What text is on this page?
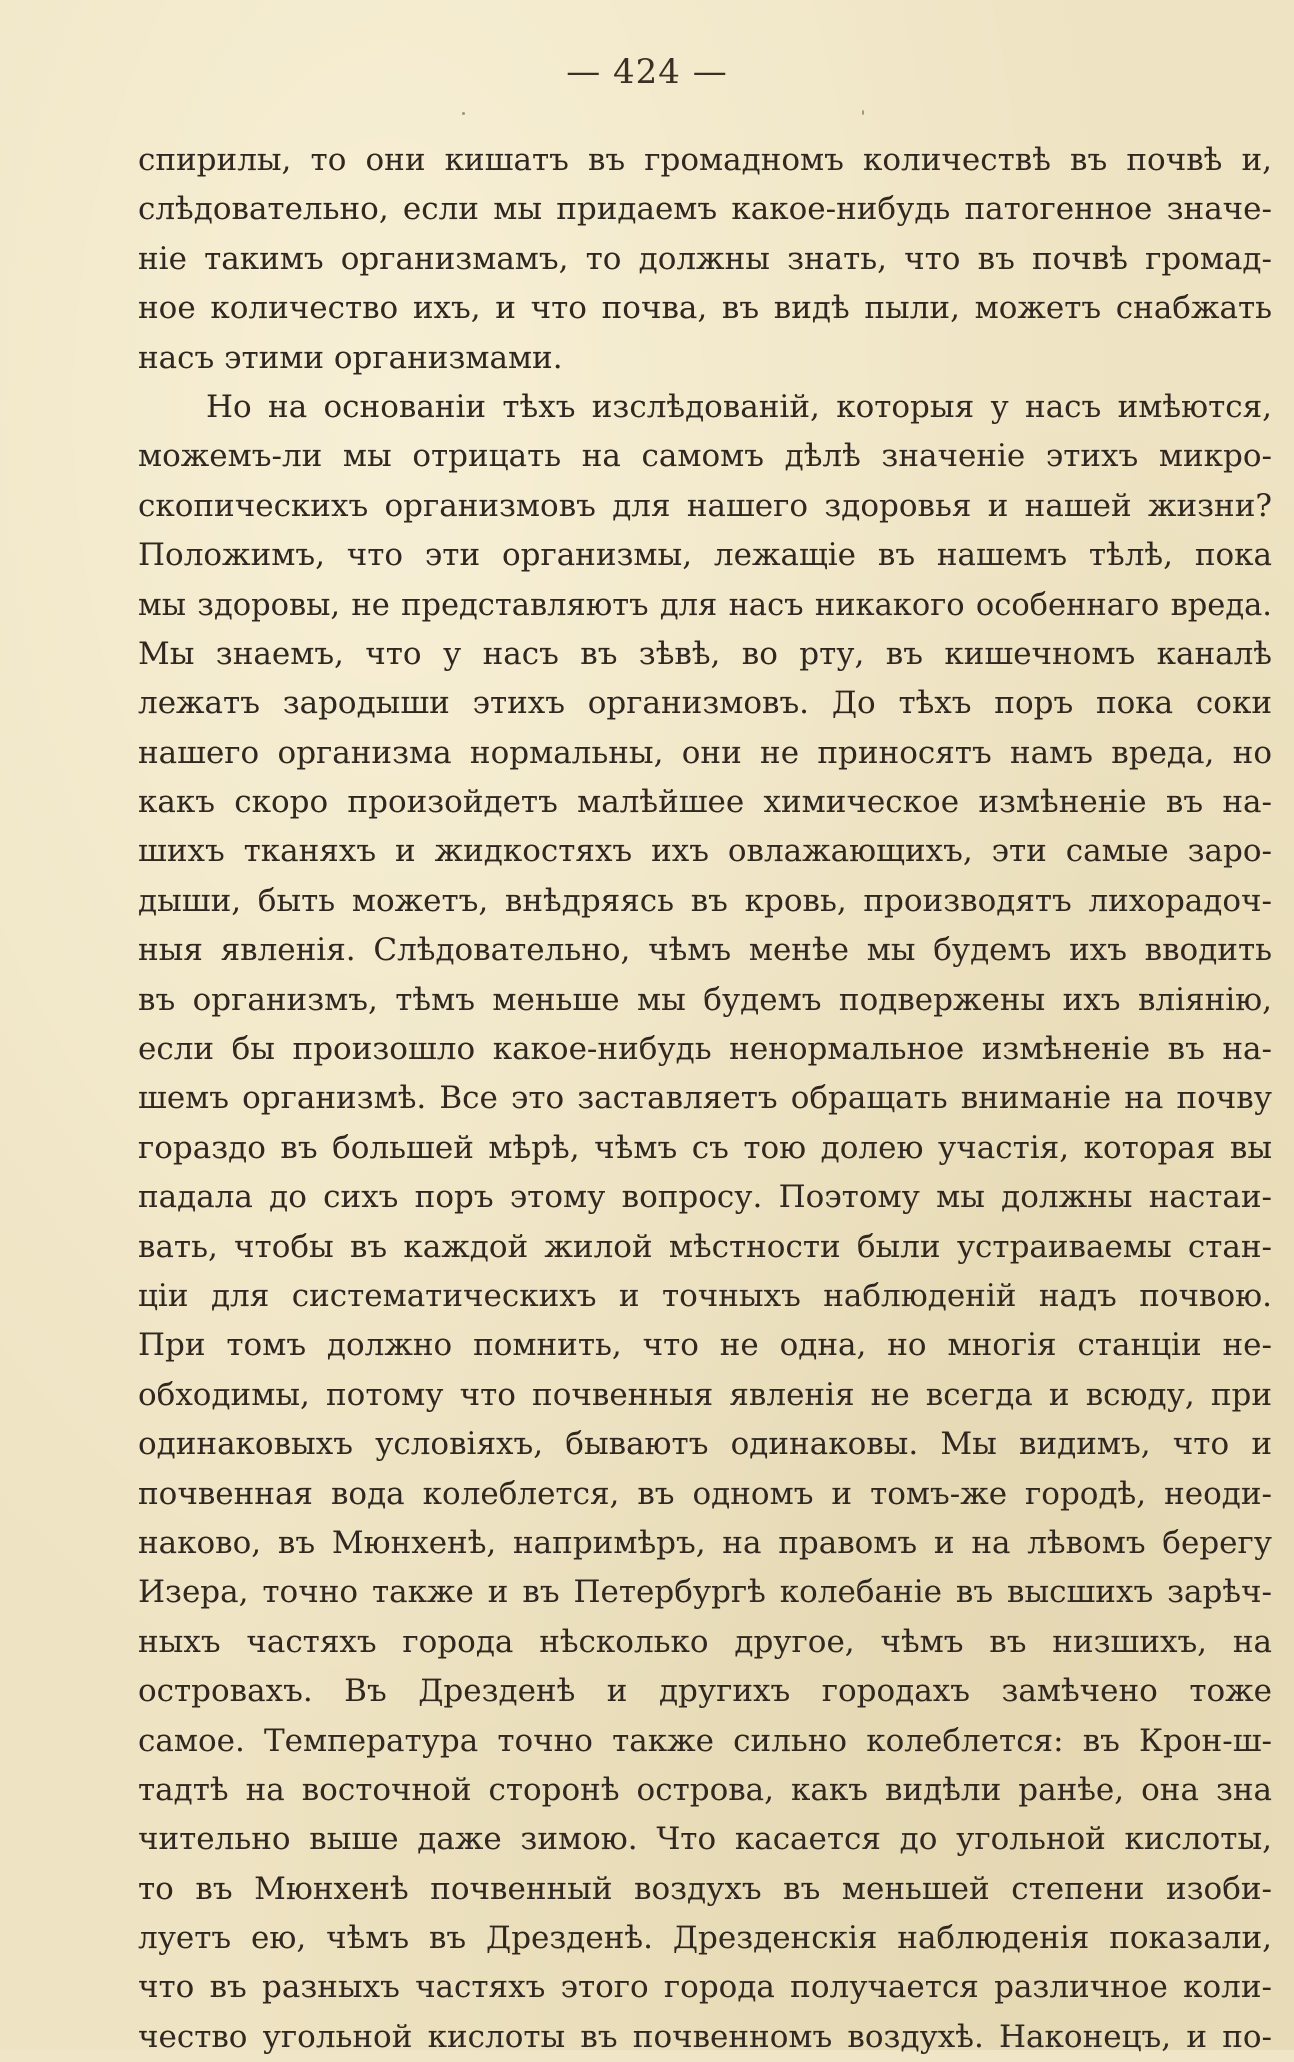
— 424 —
спирилы, то они кишатъ въ громадномъ количествѣ въ почвѣ и,
слѣдовательно, если мы придаемъ какое-нибудь патогенное значе-
ніе такимъ организмамъ, то должны знать, что въ почвѣ громад-
ное количество ихъ, и что почва, въ видѣ пыли, можетъ снабжать
насъ этими организмами.
Но на основаніи тѣхъ изслѣдованій, которыя у насъ имѣются,
можемъ-ли мы отрицать на самомъ дѣлѣ значеніе этихъ микро-
скопическихъ организмовъ для нашего здоровья и нашей жизни?
Положимъ, что эти организмы, лежащіе въ нашемъ тѣлѣ, пока
мы здоровы, не представляютъ для насъ никакого особеннаго вреда.
Мы знаемъ, что у насъ въ зѣвѣ, во рту, въ кишечномъ каналѣ
лежатъ зародыши этихъ организмовъ. До тѣхъ поръ пока соки
нашего организма нормальны, они не приносятъ намъ вреда, но
какъ скоро произойдетъ малѣйшее химическое измѣненіе въ на-
шихъ тканяхъ и жидкостяхъ ихъ овлажающихъ, эти самые заро-
дыши, быть можетъ, внѣдряясь въ кровь, производятъ лихорадоч-
ныя явленія. Слѣдовательно, чѣмъ менѣе мы будемъ ихъ вводить
въ организмъ, тѣмъ меньше мы будемъ подвержены ихъ вліянію,
если бы произошло какое-нибудь ненормальное измѣненіе въ на-
шемъ организмѣ. Все это заставляетъ обращать вниманіе на почву
гораздо въ большей мѣрѣ, чѣмъ съ тою долею участія, которая вы
падала до сихъ поръ этому вопросу. Поэтому мы должны настаи-
вать, чтобы въ каждой жилой мѣстности были устраиваемы стан-
ціи для систематическихъ и точныхъ наблюденій надъ почвою.
При томъ должно помнить, что не одна, но многія станціи не-
обходимы, потому что почвенныя явленія не всегда и всюду, при
одинаковыхъ условіяхъ, бываютъ одинаковы. Мы видимъ, что и
почвенная вода колеблется, въ одномъ и томъ-же городѣ, неоди-
наково, въ Мюнхенѣ, напримѣръ, на правомъ и на лѣвомъ берегу
Изера, точно также и въ Петербургѣ колебаніе въ высшихъ зарѣч-
ныхъ частяхъ города нѣсколько другое, чѣмъ въ низшихъ, на
островахъ. Въ Дрезденѣ и другихъ городахъ замѣчено тоже
самое. Температура точно также сильно колеблется: въ Крон-ш-
тадтѣ на восточной сторонѣ острова, какъ видѣли ранѣе, она зна
чительно выше даже зимою. Что касается до угольной кислоты,
то въ Мюнхенѣ почвенный воздухъ въ меньшей степени изоби-
луетъ ею, чѣмъ въ Дрезденѣ. Дрезденскія наблюденія показали,
что въ разныхъ частяхъ этого города получается различное коли-
чество угольной кислоты въ почвенномъ воздухѣ. Наконецъ, и по-
